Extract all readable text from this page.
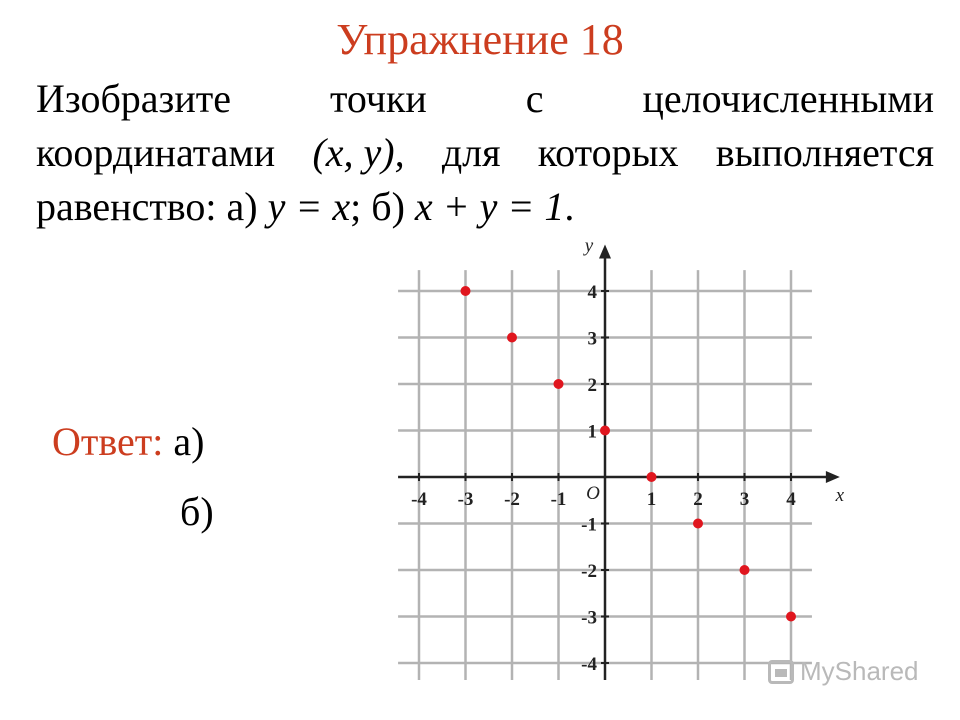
Упражнение 18
Изобразите точки с целочисленными
координатами (x, y), для которых выполняется
равенство: а) y = x; б) x + y = 1.
Ответ: а)
б)	-4 -3 -2 -1	1 2 3 4
-4
-3
-2
-1
1
2
3
4
O	x
y
MyShared
